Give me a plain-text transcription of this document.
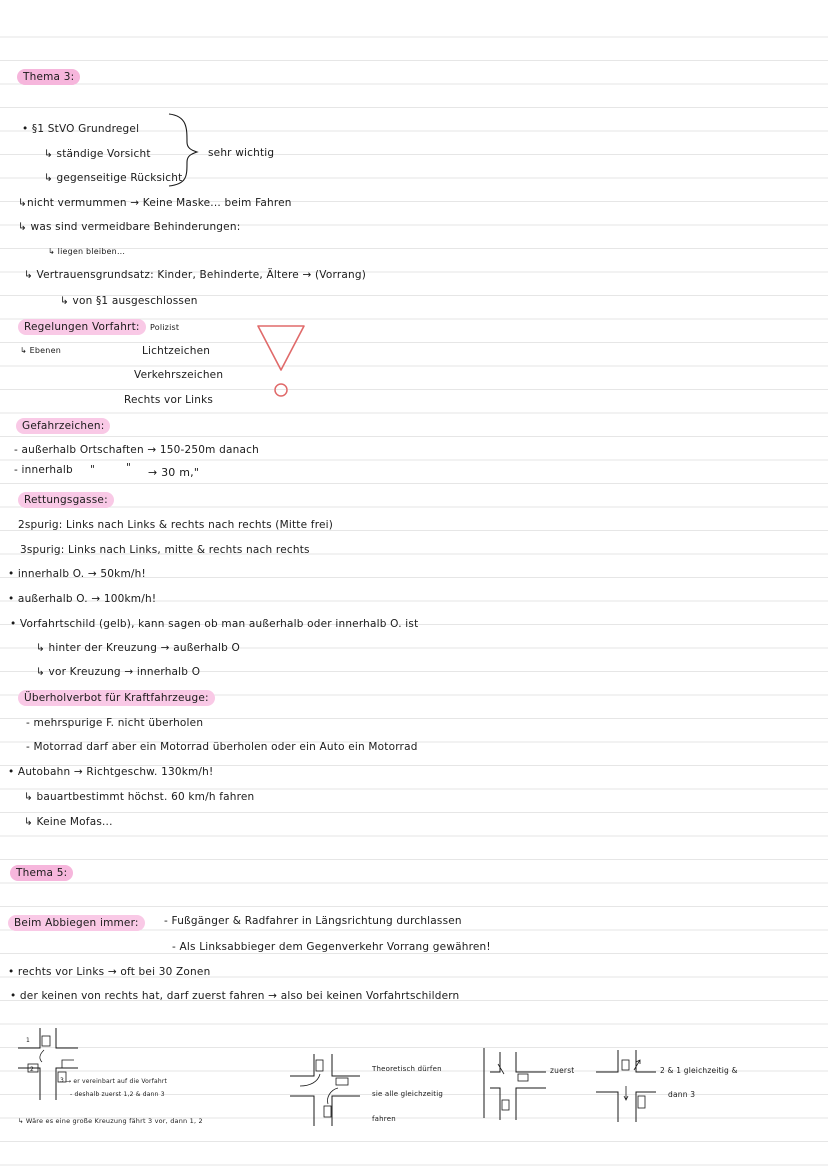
Thema 3:
• §1 StVO Grundregel
↳ ständige Vorsicht
↳ gegenseitige Rücksicht
sehr wichtig
↳nicht vermummen → Keine Maske... beim Fahren
↳ was sind vermeidbare Behinderungen:
↳ liegen bleiben...
↳ Vertrauensgrundsatz: Kinder, Behinderte, Ältere → (Vorrang)
↳ von §1 ausgeschlossen
Regelungen Vorfahrt:	Polizist
↳ Ebenen	Lichtzeichen
Verkehrszeichen
Rechts vor Links
Gefahrzeichen:
- außerhalb Ortschaften → 150-250m danach
- innerhalb "	" → 30 m,"
Rettungsgasse:
2spurig: Links nach Links & rechts nach rechts (Mitte frei)
3spurig: Links nach Links, mitte & rechts nach rechts
• innerhalb O. → 50km/h!
• außerhalb O. → 100km/h!
• Vorfahrtschild (gelb), kann sagen ob man außerhalb oder innerhalb O. ist
↳ hinter der Kreuzung → außerhalb O
↳ vor Kreuzung → innerhalb O
Überholverbot für Kraftfahrzeuge:
- mehrspurige F. nicht überholen
- Motorrad darf aber ein Motorrad überholen oder ein Auto ein Motorrad
• Autobahn → Richtgeschw. 130km/h!
↳ bauartbestimmt höchst. 60 km/h fahren
↳ Keine Mofas...
Thema 5:
Beim Abbiegen immer:	- Fußgänger & Radfahrer in Längsrichtung durchlassen
- Als Linksabbieger dem Gegenverkehr Vorrang gewähren!
• rechts vor Links → oft bei 30 Zonen
• der keinen von rechts hat, darf zuerst fahren → also bei keinen Vorfahrtschildern
1
2
3 → er vereinbart auf die Vorfahrt
- deshalb zuerst 1,2 & dann 3
↳ Wäre es eine große Kreuzung fährt 3 vor, dann 1, 2
Theoretisch dürfen
sie alle gleichzeitig
fahren
zuerst	2 & 1 gleichzeitig &
dann 3
